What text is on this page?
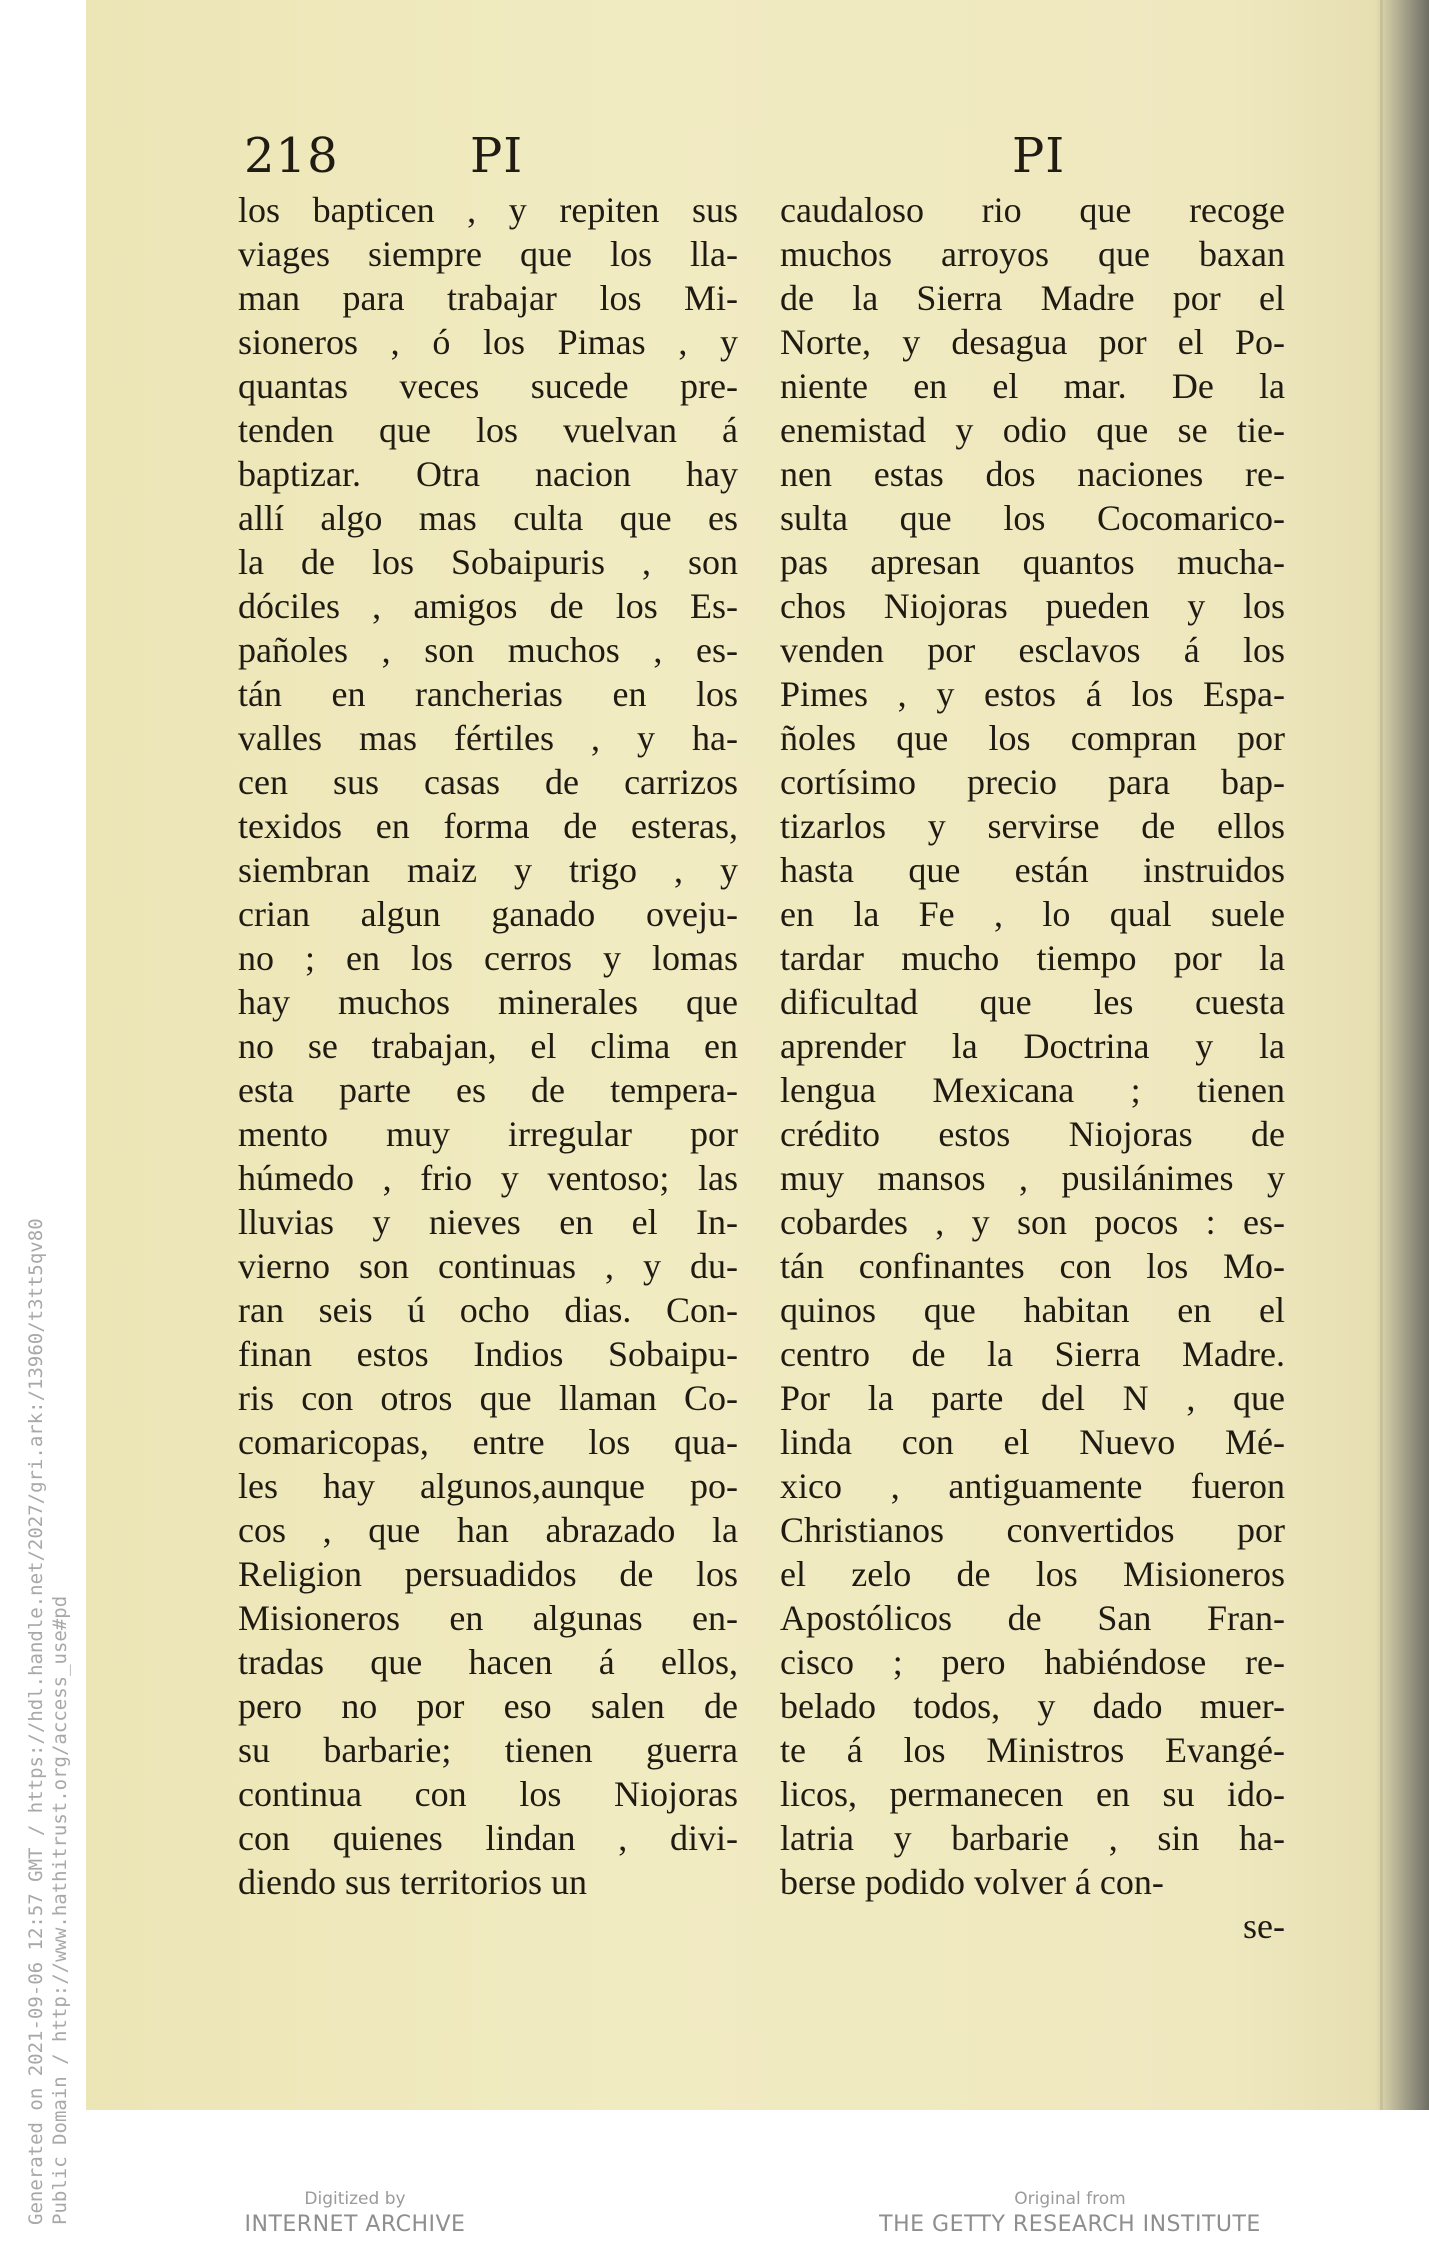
218	PI	PI
los bapticen , y repiten sus
viages siempre que los lla-
man para trabajar los Mi-
sioneros , ó los Pimas , y
quantas veces sucede pre-
tenden que los vuelvan á
baptizar. Otra nacion hay
allí algo mas culta que es
la de los Sobaipuris , son
dóciles , amigos de los Es-
pañoles , son muchos , es-
tán en rancherias en los
valles mas fértiles , y ha-
cen sus casas de carrizos
texidos en forma de esteras,
siembran maiz y trigo , y
crian algun ganado oveju-
no ; en los cerros y lomas
hay muchos minerales que
no se trabajan, el clima en
esta parte es de tempera-
mento muy irregular por
húmedo , frio y ventoso; las
lluvias y nieves en el In-
vierno son continuas , y du-
ran seis ú ocho dias. Con-
finan estos Indios Sobaipu-
ris con otros que llaman Co-
comaricopas, entre los qua-
les hay algunos,aunque po-
cos , que han abrazado la
Religion persuadidos de los
Misioneros en algunas en-
tradas que hacen á ellos,
pero no por eso salen de
su barbarie; tienen guerra
continua con los Niojoras
con quienes lindan , divi-
diendo sus territorios un
caudaloso rio que recoge
muchos arroyos que baxan
de la Sierra Madre por el
Norte, y desagua por el Po-
niente en el mar. De la
enemistad y odio que se tie-
nen estas dos naciones re-
sulta que los Cocomarico-
pas apresan quantos mucha-
chos Niojoras pueden y los
venden por esclavos á los
Pimes , y estos á los Espa-
ñoles que los compran por
cortísimo precio para bap-
tizarlos y servirse de ellos
hasta que están instruidos
en la Fe , lo qual suele
tardar mucho tiempo por la
dificultad que les cuesta
aprender la Doctrina y la
lengua Mexicana ; tienen
crédito estos Niojoras de
muy mansos , pusilánimes y
cobardes , y son pocos : es-
tán confinantes con los Mo-
quinos que habitan en el
centro de la Sierra Madre.
Por la parte del N , que
linda con el Nuevo Mé-
xico , antiguamente fueron
Christianos convertidos por
el zelo de los Misioneros
Apostólicos de San Fran-
cisco ; pero habiéndose re-
belado todos, y dado muer-
te á los Ministros Evangé-
licos, permanecen en su ido-
latria y barbarie , sin ha-
berse podido volver á con-
se-
Generated on 2021-09-06 12:57 GMT / https://hdl.handle.net/2027/gri.ark:/13960/t3tt5qv80 Public Domain / http://www.hathitrust.org/access_use#pd	Digitized by
INTERNET ARCHIVE
Original from
THE GETTY RESEARCH INSTITUTE
